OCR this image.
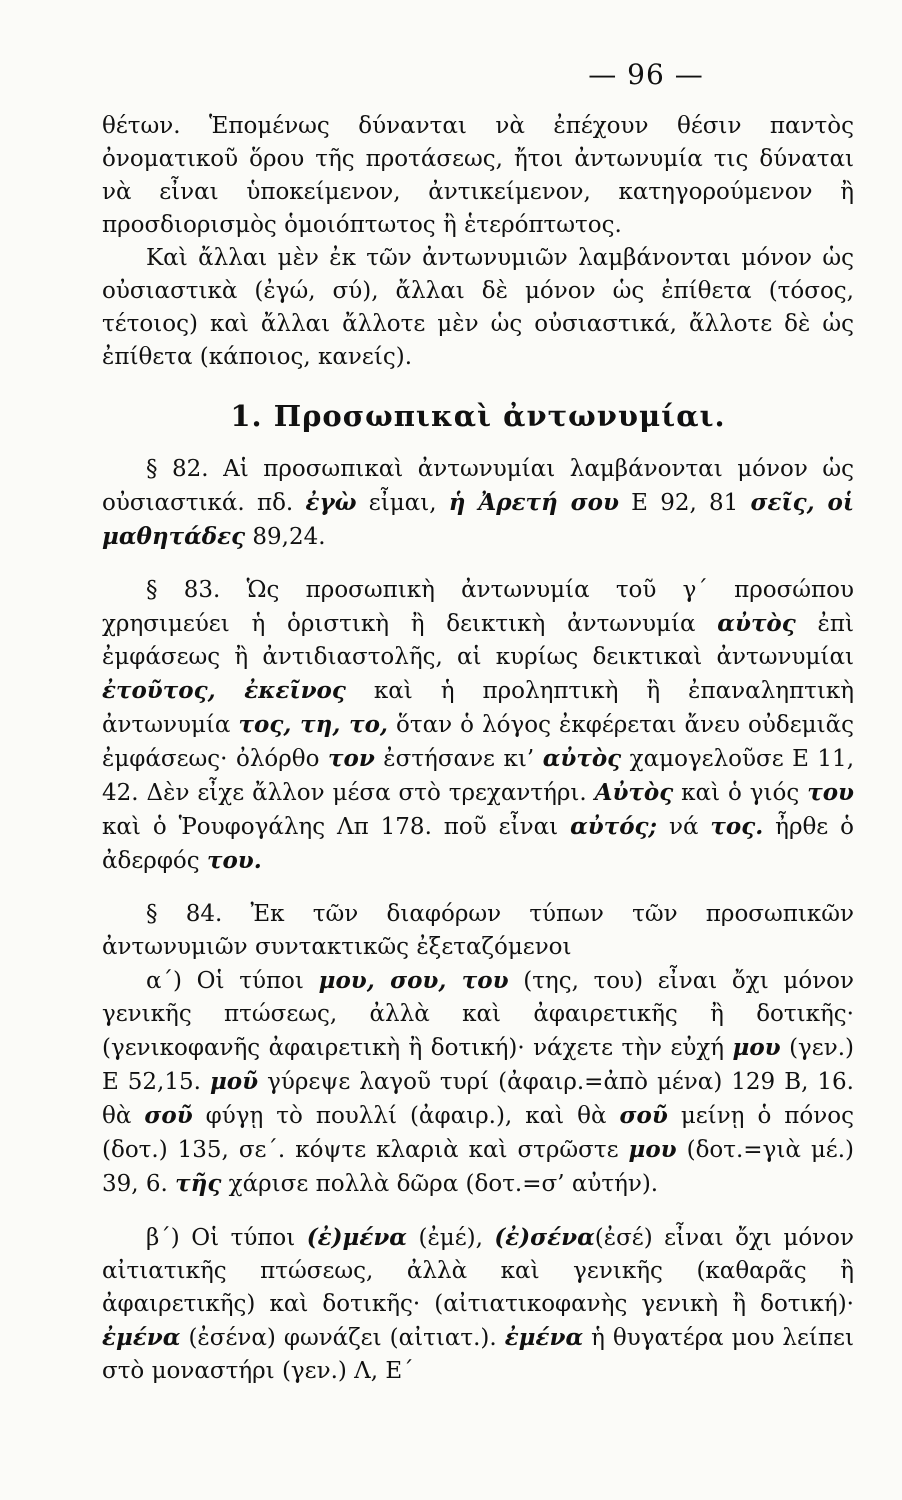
— 96 —

θέτων. Ἑπομένως δύνανται νὰ ἐπέχουν θέσιν παντὸς ὀνοματικοῦ ὅρου τῆς προτάσεως, ἤτοι ἀντωνυμία τις δύναται νὰ εἶναι ὑποκείμενον, ἀντικείμενον, κατηγορούμενον ἢ προσδιορισμὸς ὁμοιόπτωτος ἢ ἑτερόπτωτος.

Καὶ ἄλλαι μὲν ἐκ τῶν ἀντωνυμιῶν λαμβάνονται μόνον ὡς οὐσιαστικὰ (ἐγώ, σύ), ἄλλαι δὲ μόνον ὡς ἐπίθετα (τόσος, τέτοιος) καὶ ἄλλαι ἄλλοτε μὲν ὡς οὐσιαστικά, ἄλλοτε δὲ ὡς ἐπίθετα (κάποιος, κανείς).

1. Προσωπικαὶ ἀντωνυμίαι.

§ 82. Αἱ προσωπικαὶ ἀντωνυμίαι λαμβάνονται μόνον ὡς οὐσιαστικά. πδ. ἐγὼ εἶμαι, ἡ Ἀρετή σου Ε 92, 81 σεῖς, οἱ μαθητάδες 89,24.

§ 83. Ὡς προσωπικὴ ἀντωνυμία τοῦ γ΄ προσώπου χρησιμεύει ἡ ὁριστικὴ ἢ δεικτικὴ ἀντωνυμία αὐτὸς ἐπὶ ἐμφάσεως ἢ ἀντιδιαστολῆς, αἱ κυρίως δεικτικαὶ ἀντωνυμίαι ἐτοῦτος, ἐκεῖνος καὶ ἡ προληπτικὴ ἢ ἐπαναληπτικὴ ἀντωνυμία τος, τη, το, ὅταν ὁ λόγος ἐκφέρεται ἄνευ οὐδεμιᾶς ἐμφάσεως· ὀλόρθο τον ἐστήσανε κι’ αὐτὸς χαμογελοῦσε Ε 11, 42. Δὲν εἶχε ἄλλον μέσα στὸ τρεχαντήρι. Αὐτὸς καὶ ὁ γιός του καὶ ὁ Ῥουφογάλης Λπ 178. ποῦ εἶναι αὐτός; νά τος. ἦρθε ὁ ἀδερφός του.

§ 84. Ἐκ τῶν διαφόρων τύπων τῶν προσωπικῶν ἀντωνυμιῶν συντακτικῶς ἐξεταζόμενοι

α΄) Οἱ τύποι μου, σου, του (της, του) εἶναι ὄχι μόνον γενικῆς πτώσεως, ἀλλὰ καὶ ἀφαιρετικῆς ἢ δοτικῆς· (γενικοφανῆς ἀφαιρετικὴ ἢ δοτική)· νάχετε τὴν εὐχή μου (γεν.) Ε 52,15. μοῦ γύρεψε λαγοῦ τυρί (ἀφαιρ.=ἀπὸ μένα) 129 Β, 16. θὰ σοῦ φύγῃ τὸ πουλλί (ἀφαιρ.), καὶ θὰ σοῦ μείνῃ ὁ πόνος (δοτ.) 135, σε΄. κόψτε κλαριὰ καὶ στρῶστε μου (δοτ.=γιὰ μέ.) 39, 6. τῆς χάρισε πολλὰ δῶρα (δοτ.=σ’ αὐτήν).

β΄) Οἱ τύποι (ἐ)μένα (ἐμέ), (ἐ)σένα(ἐσέ) εἶναι ὄχι μόνον αἰτιατικῆς πτώσεως, ἀλλὰ καὶ γενικῆς (καθαρᾶς ἢ ἀφαιρετικῆς) καὶ δοτικῆς· (αἰτιατικοφανὴς γενικὴ ἢ δοτική)· ἐμένα (ἐσένα) φωνάζει (αἰτιατ.). ἐμένα ἡ θυγατέρα μου λείπει στὸ μοναστήρι (γεν.) Λ, Ε΄
